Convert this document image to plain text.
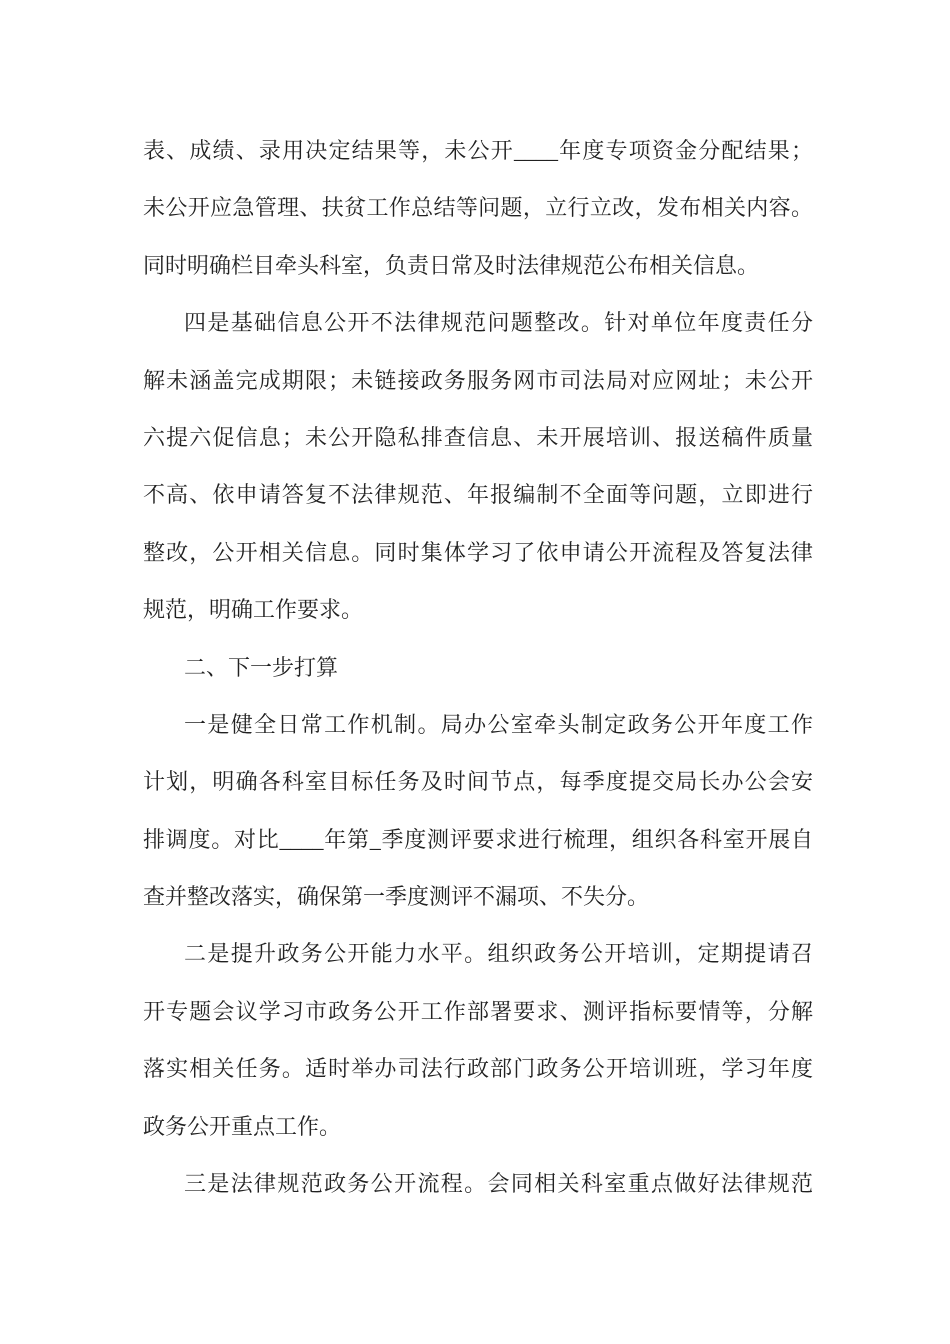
表、成绩、录用决定结果等，未公开____年度专项资金分配结果；
未公开应急管理、扶贫工作总结等问题，立行立改，发布相关内容。
同时明确栏目牵头科室，负责日常及时法律规范公布相关信息。
四是基础信息公开不法律规范问题整改。针对单位年度责任分
解未涵盖完成期限；未链接政务服务网市司法局对应网址；未公开
六提六促信息；未公开隐私排查信息、未开展培训、报送稿件质量
不高、依申请答复不法律规范、年报编制不全面等问题，立即进行
整改，公开相关信息。同时集体学习了依申请公开流程及答复法律
规范，明确工作要求。
二、下一步打算
一是健全日常工作机制。局办公室牵头制定政务公开年度工作
计划，明确各科室目标任务及时间节点，每季度提交局长办公会安
排调度。对比____年第_季度测评要求进行梳理，组织各科室开展自
查并整改落实，确保第一季度测评不漏项、不失分。
二是提升政务公开能力水平。组织政务公开培训，定期提请召
开专题会议学习市政务公开工作部署要求、测评指标要情等，分解
落实相关任务。适时举办司法行政部门政务公开培训班，学习年度
政务公开重点工作。
三是法律规范政务公开流程。会同相关科室重点做好法律规范
